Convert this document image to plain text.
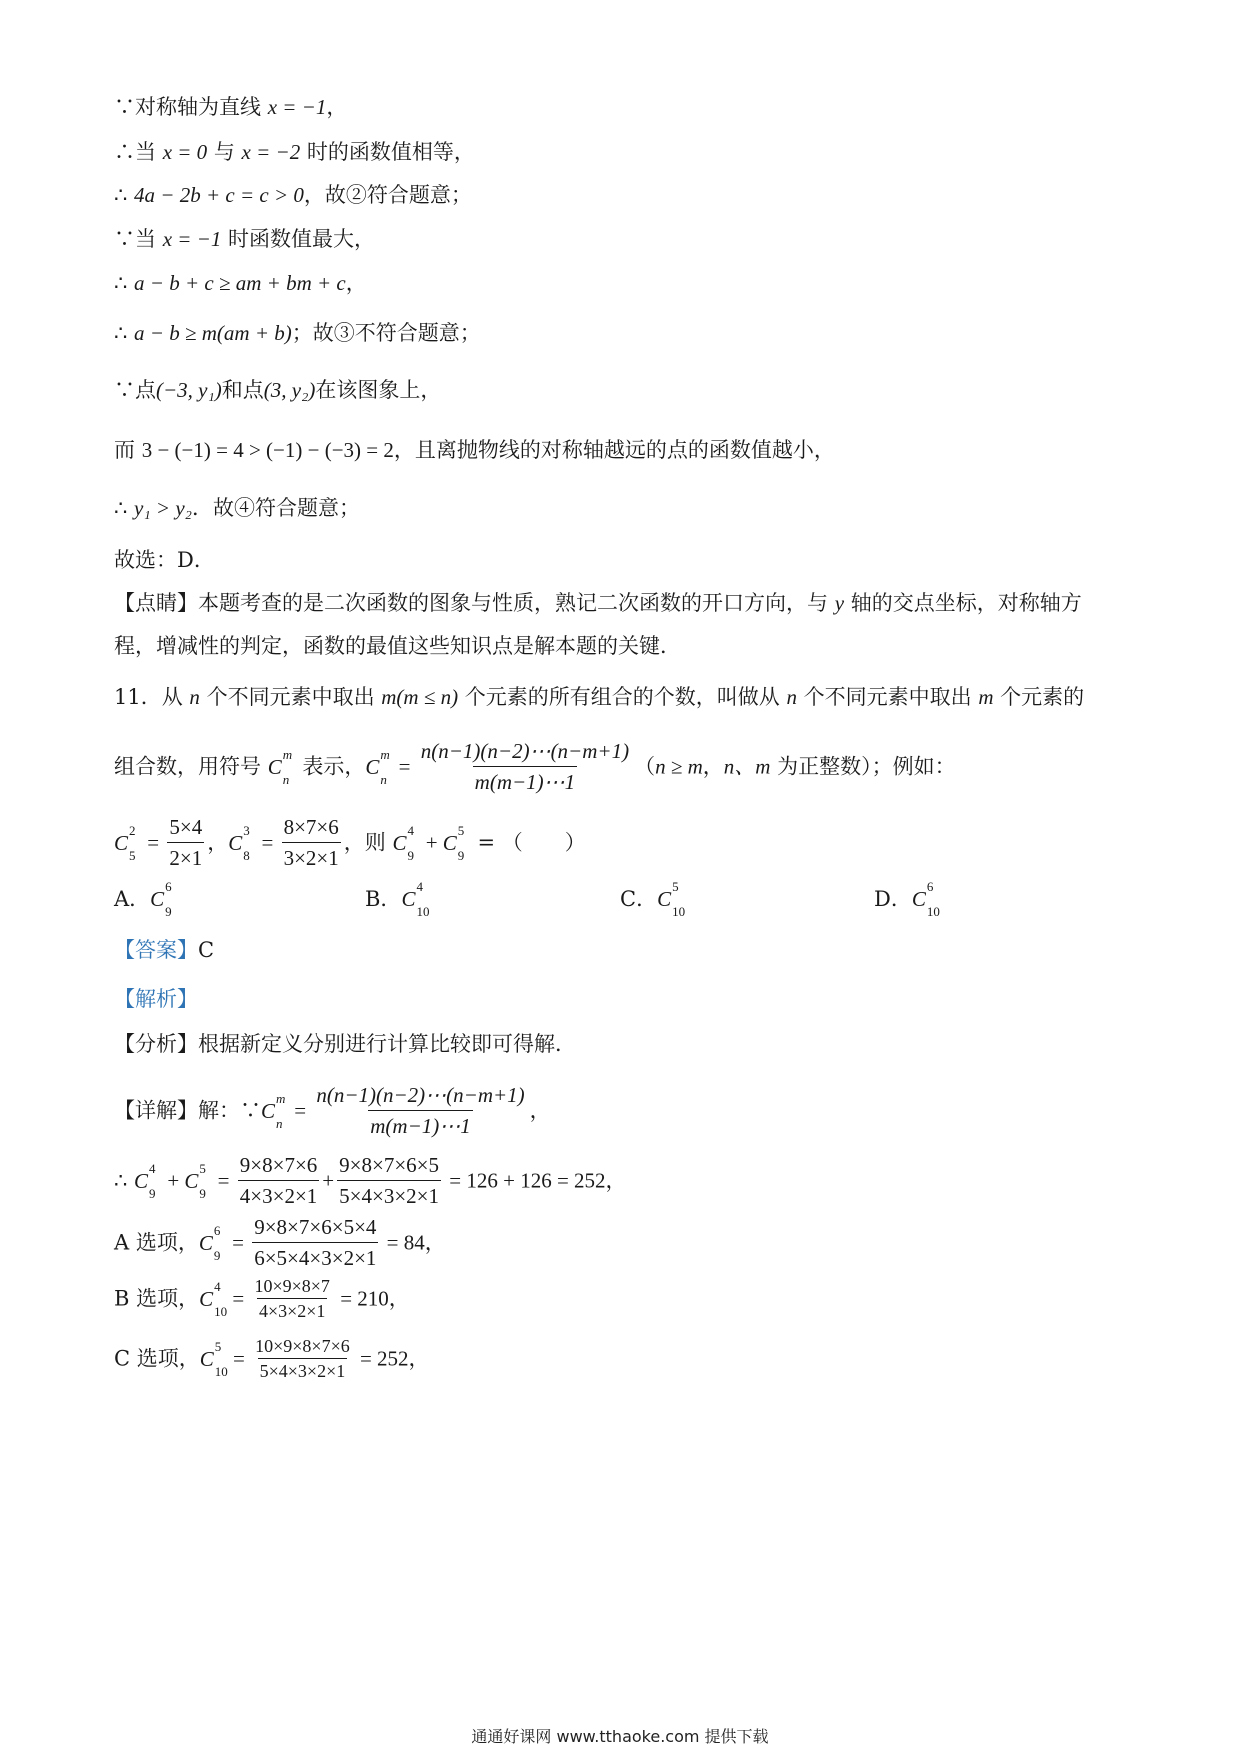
∵对称轴为直线 x = −1，
∴当 x = 0 与 x = −2 时的函数值相等，
∴ 4a − 2b + c = c > 0，故②符合题意；
∵当 x = −1 时函数值最大，
∴ a − b + c ≥ am + bm + c，
∴ a − b ≥ m(am + b)；故③不符合题意；
∵点(−3, y₁)和点(3, y₂)在该图象上，
而 3 − (−1) = 4 > (−1) − (−3) = 2，且离抛物线的对称轴越远的点的函数值越小，
∴ y₁ > y₂．故④符合题意；
故选：D．
【点睛】本题考查的是二次函数的图象与性质，熟记二次函数的开口方向，与 y 轴的交点坐标，对称轴方
程，增减性的判定，函数的最值这些知识点是解本题的关键．
11．从 n 个不同元素中取出 m(m ≤ n) 个元素的所有组合的个数，叫做从 n 个不同元素中取出 m 个元素的
组合数，用符号 C
m
n
表示，C
m
n
= $\frac{n(n-1)(n-2)\cdots(n-m+1)}{m(m-1)\cdots 1} (n \ge m$，n、m 为正整数）；例如：
C
2
5
= $\frac{5\times 4}{2\times 1}$ ，C
3
8
= $\frac{8\times 7\times 6}{3\times 2\times 1}$ ，则 C
4
9
+ C
5
9
= （　　）
A．C
6
9
B．C
4
10
C．C
5
10
D．C
6
10
【答案】C
【解析】
【分析】根据新定义分别进行计算比较即可得解．
【详解】解：∵C
m
n
= $\frac{n(n-1)(n-2)\cdots(n-m+1)}{m(m-1)\cdots 1}$ ，
∴ C
4
9
+ C
5
9
= $\frac{9\times 8\times 7\times 6}{4\times 3\times 2\times 1} + \frac{9\times 8\times 7\times 6\times 5}{5\times 4\times 3\times 2\times 1} = 126 + 126 = 252$，
A 选项，C
6
9
= $\frac{9\times 8\times 7\times 6\times 5\times 4}{6\times 5\times 4\times 3\times 2\times 1} = 84$，
B 选项，C
4
10
= $\frac{10\times 9\times 8\times 7}{4\times 3\times 2\times 1} = 210$，
C 选项，C
5
10
= $\frac{10\times 9\times 8\times 7\times 6}{5\times 4\times 3\times 2\times 1} = 252$，
通通好课网 www.tthaoke.com 提供下载
